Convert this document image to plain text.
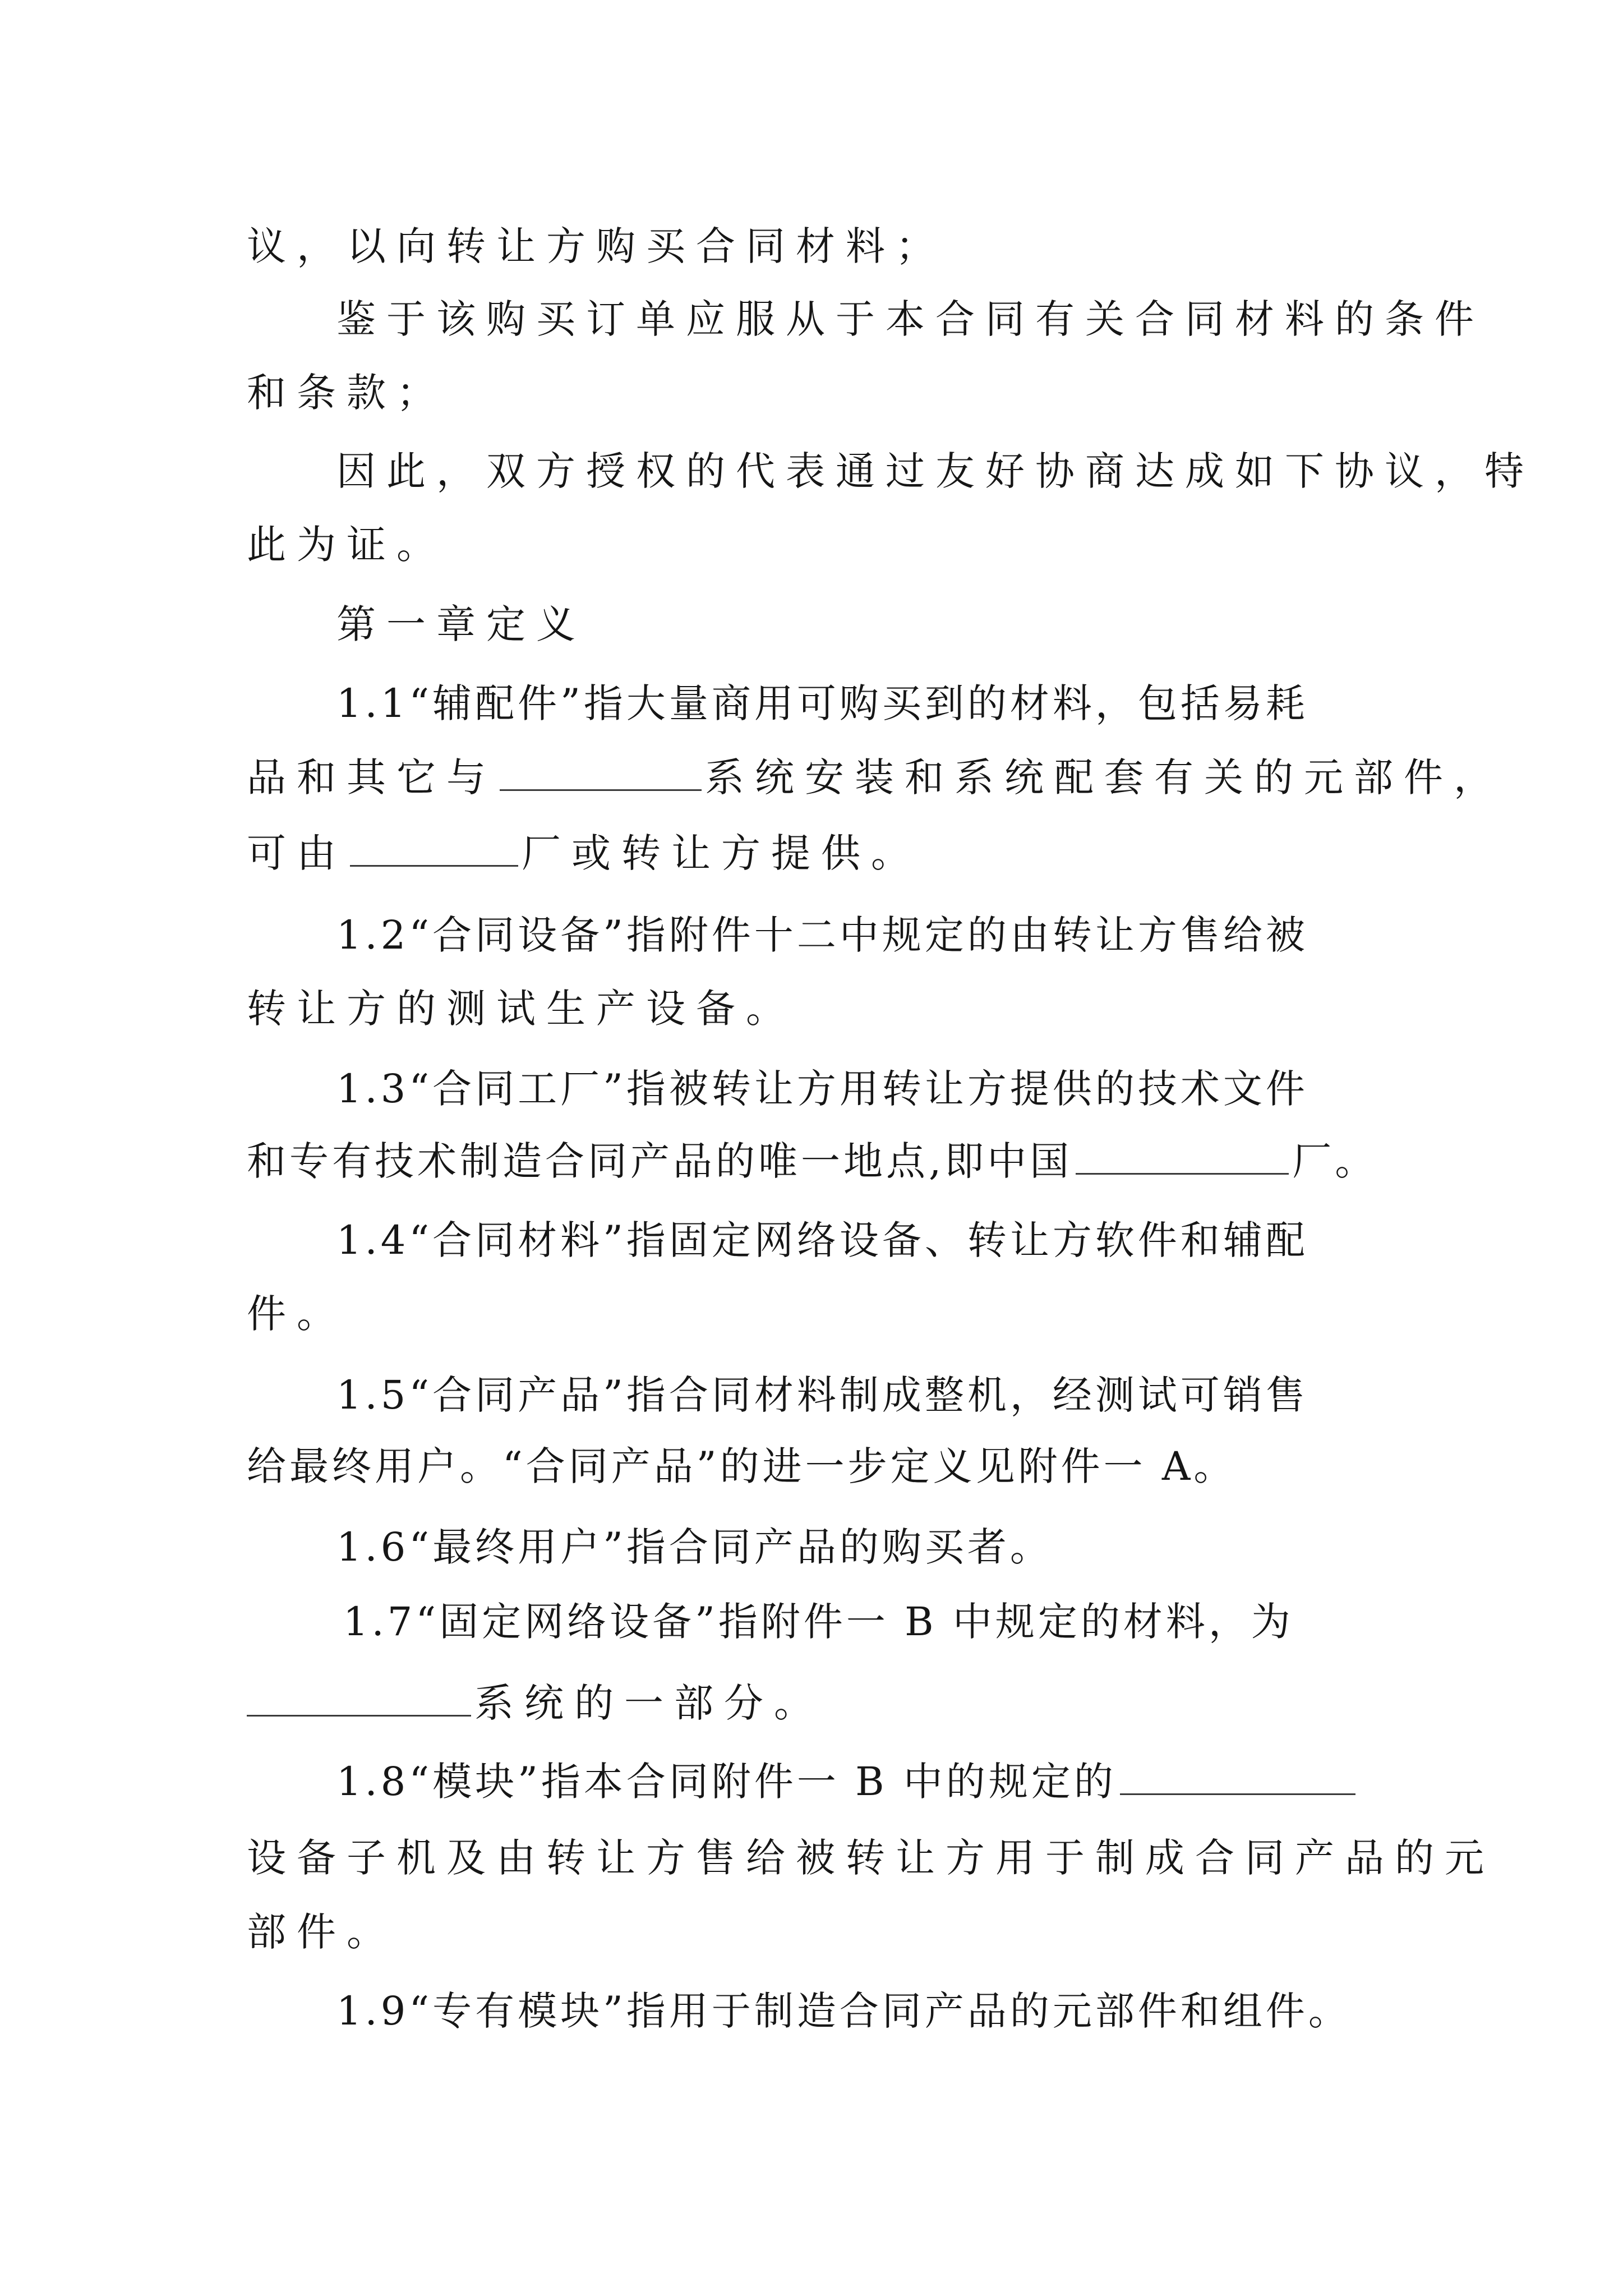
议，以向转让方购买合同材料；
鉴于该购买订单应服从于本合同有关合同材料的条件
和条款；
因此，双方授权的代表通过友好协商达成如下协议，特
此为证。
第一章定义
1.1“辅配件”指大量商用可购买到的材料，包括易耗
品和其它与	系统安装和系统配套有关的元部件，
可由	厂或转让方提供。
1.2“合同设备”指附件十二中规定的由转让方售给被
转让方的测试生产设备。
1.3“合同工厂”指被转让方用转让方提供的技术文件
和专有技术制造合同产品的唯一地点,即中国	厂。
1.4“合同材料”指固定网络设备、转让方软件和辅配
件。
1.5“合同产品”指合同材料制成整机，经测试可销售
给最终用户。“合同产品”的进一步定义见附件一 A。
1.6“最终用户”指合同产品的购买者。
1.7“固定网络设备”指附件一 B 中规定的材料，为
系统的一部分。
1.8“模块”指本合同附件一 B 中的规定的
设备子机及由转让方售给被转让方用于制成合同产品的元
部件。
1.9“专有模块”指用于制造合同产品的元部件和组件。
